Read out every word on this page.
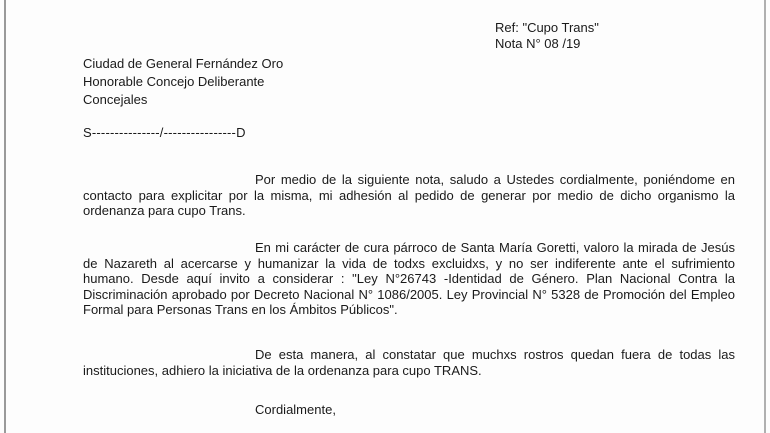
Ref: "Cupo Trans"
Nota N° 08 /19
Ciudad de General Fernández Oro
Honorable Concejo Deliberante
Concejales
S---------------/----------------D
Por medio de la siguiente nota, saludo a Ustedes cordialmente, poniéndome en contacto para explicitar por la misma, mi adhesión al pedido de generar por medio de dicho organismo la ordenanza para cupo Trans.
En mi carácter de cura párroco de Santa María Goretti, valoro la mirada de Jesús de Nazareth al acercarse y humanizar la vida de todxs excluidxs, y no ser indiferente ante el sufrimiento humano. Desde aquí invito a considerar : "Ley N°26743 -Identidad de Género. Plan Nacional Contra la Discriminación aprobado por Decreto Nacional N° 1086/2005. Ley Provincial N° 5328 de Promoción del Empleo Formal para Personas Trans en los Ámbitos Públicos".
De esta manera, al constatar que muchxs rostros quedan fuera de todas las instituciones, adhiero la iniciativa de la ordenanza para cupo TRANS.
Cordialmente,
